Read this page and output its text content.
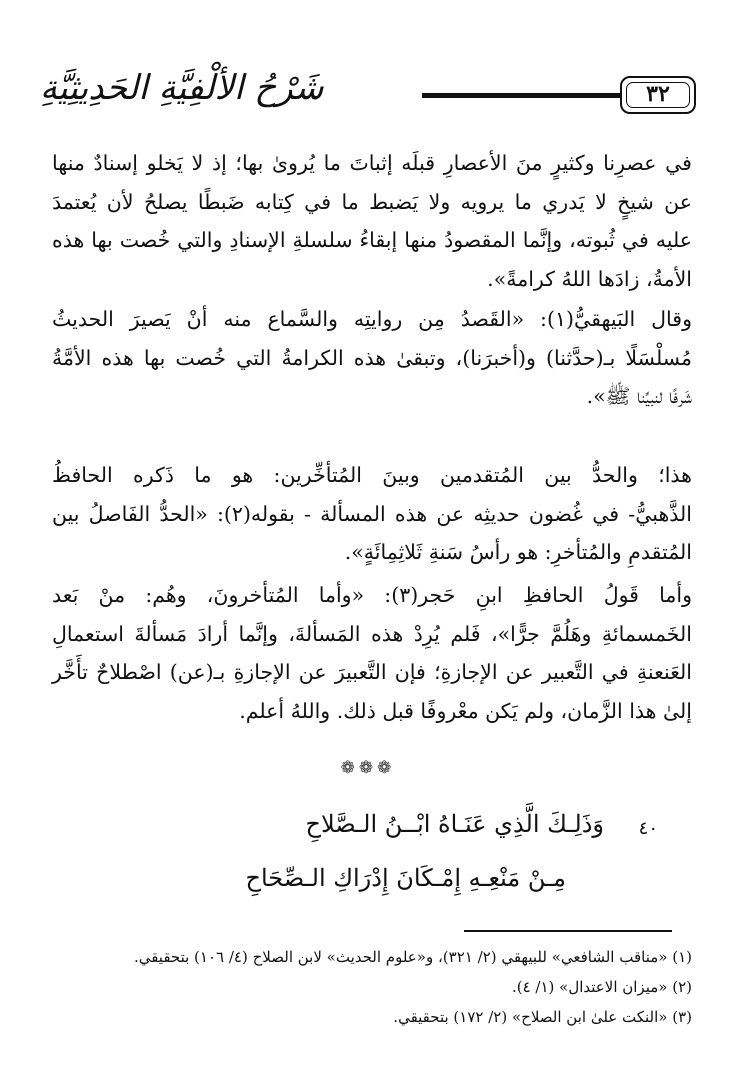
٣٢
شَرْحُ الألْفِيَّةِ الحَدِيثِيَّةِ
في عصرِنا وكثيرٍ منَ الأعصارِ قبلَه إثباتَ ما يُروىٰ بها؛ إذ لا يَخلو إسنادٌ منها
عن شيخٍ لا يَدري ما يرويه ولا يَضبط ما في كِتابه ضَبطًا يصلحُ لأن يُعتمدَ
عليه في ثُبوته، وإنَّما المقصودُ منها إبقاءُ سلسلةِ الإسنادِ والتي خُصت بها هذه
الأمةُ، زادَها اللهُ كرامةً».
وقال البَيهقيُّ(١): «القَصدُ مِن روايتِه والسَّماع منه أنْ يَصيرَ الحديثُ
مُسلْسَلًا بـ(حدَّثنا) و(أخبرَنا)، وتبقىٰ هذه الكرامةُ التي خُصت بها هذه الأمَّةُ
شَرفًا لنبيِّنا ﷺ».
هذا؛ والحدُّ بين المُتقدمين وبينَ المُتأخِّرين: هو ما ذَكره الحافظُ
الذَّهبيُّ- في غُضون حديثِه عن هذه المسألة - بقوله(٢): «الحدُّ الفَاصلُ بين
المُتقدمِ والمُتأخرِ: هو رأسُ سَنةِ ثَلاثِمِائَةٍ».
وأما قَولُ الحافظِ ابنِ حَجر(٣): «وأما المُتأخرونَ، وهُم: منْ بَعد
الخَمسمائةِ وهَلُمَّ جرًّا»، فَلم يُرِدْ هذه المَسألةَ، وإنَّما أرادَ مَسألةَ استعمالِ
العَنعنةِ في التَّعبير عن الإجازةِ؛ فإن التَّعبيرَ عن الإجازةِ بـ(عن) اصْطلاحٌ تأَخَّر
إلىٰ هذا الزَّمان، ولم يَكن معْروفًا قبل ذلك. واللهُ أعلم.
❁❁❁
٤٠
وَذَلِـكَ الَّذِي عَنَـاهُ ابْــنُ الـصَّلاحِ
مِـنْ مَنْعِـهِ إِمْـكَانَ إِدْرَاكِ الـصِّحَاحِ
(١) «مناقب الشافعي» للبيهقي (٢/ ٣٢١)، و«علوم الحديث» لابن الصلاح (٤/ ١٠٦) بتحقيقي.
(٢) «ميزان الاعتدال» (١/ ٤).
(٣) «النكت علىٰ ابن الصلاح» (٢/ ١٧٢) بتحقيقي.
